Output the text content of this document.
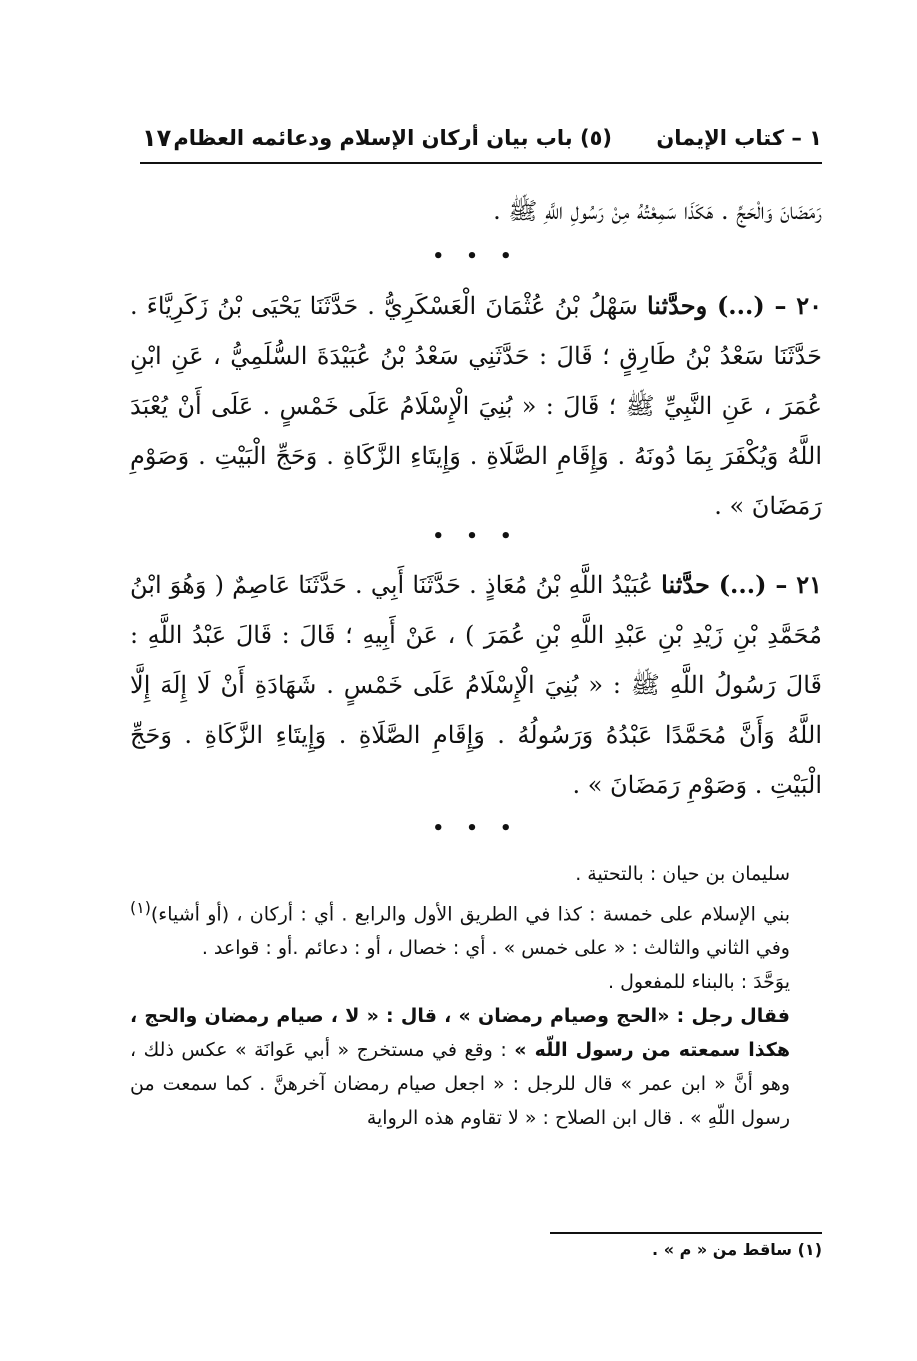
١ – كتاب الإيمان
(٥) باب بيان أركان الإسلام ودعائمه العظام
١٧
رَمَضَانَ وَالْحَجِّ . هَكَذَا سَمِعْتُهُ مِنْ رَسُولِ اللَّهِ ﷺ .
• • •
٢٠ – (...) وحدَّثنا سَهْلُ بْنُ عُثْمَانَ الْعَسْكَرِيُّ . حَدَّثَنَا يَحْيَى بْنُ زَكَرِيَّاءَ . حَدَّثَنَا سَعْدُ بْنُ طَارِقٍ ؛ قَالَ : حَدَّثَنِي سَعْدُ بْنُ عُبَيْدَةَ السُّلَمِيُّ ، عَنِ ابْنِ عُمَرَ ، عَنِ النَّبِيِّ ﷺ ؛ قَالَ : « بُنِيَ الْإِسْلَامُ عَلَى خَمْسٍ . عَلَى أَنْ يُعْبَدَ اللَّهُ وَيُكْفَرَ بِمَا دُونَهُ . وَإِقَامِ الصَّلَاةِ . وَإِيتَاءِ الزَّكَاةِ . وَحَجِّ الْبَيْتِ . وَصَوْمِ رَمَضَانَ » .
• • •
٢١ – (...) حدَّثنا عُبَيْدُ اللَّهِ بْنُ مُعَاذٍ . حَدَّثَنَا أَبِي . حَدَّثَنَا عَاصِمٌ ( وَهُوَ ابْنُ مُحَمَّدِ بْنِ زَيْدِ بْنِ عَبْدِ اللَّهِ بْنِ عُمَرَ ) ، عَنْ أَبِيهِ ؛ قَالَ : قَالَ عَبْدُ اللَّهِ : قَالَ رَسُولُ اللَّهِ ﷺ : « بُنِيَ الْإِسْلَامُ عَلَى خَمْسٍ . شَهَادَةِ أَنْ لَا إِلَهَ إِلَّا اللَّهُ وَأَنَّ مُحَمَّدًا عَبْدُهُ وَرَسُولُهُ . وَإِقَامِ الصَّلَاةِ . وَإِيتَاءِ الزَّكَاةِ . وَحَجِّ الْبَيْتِ . وَصَوْمِ رَمَضَانَ » .
• • •

سليمان بن حيان : بالتحتية .

بني الإسلام على خمسة : كذا في الطريق الأول والرابع . أي : أركان ، (أو أشياء)$^{(١)}$ وفي الثاني والثالث : « على خمس » . أي : خصال ، أو : دعائم .أو : قواعد .

يوَحَّدَ : بالبناء للمفعول .

فقال رجل : «الحج وصيام رمضان » ، قال : « لا ، صيام رمضان والحج ، هكذا سمعته من رسول اللّه » : وقع في مستخرج « أبي عَوانَة » عكس ذلك ، وهو أنَّ « ابن عمر » قال للرجل : « اجعل صيام رمضان آخرهنَّ . كما سمعت من رسول اللّهِ » . قال ابن الصلاح : « لا تقاوم هذه الرواية

(١) ساقط من « م » .
